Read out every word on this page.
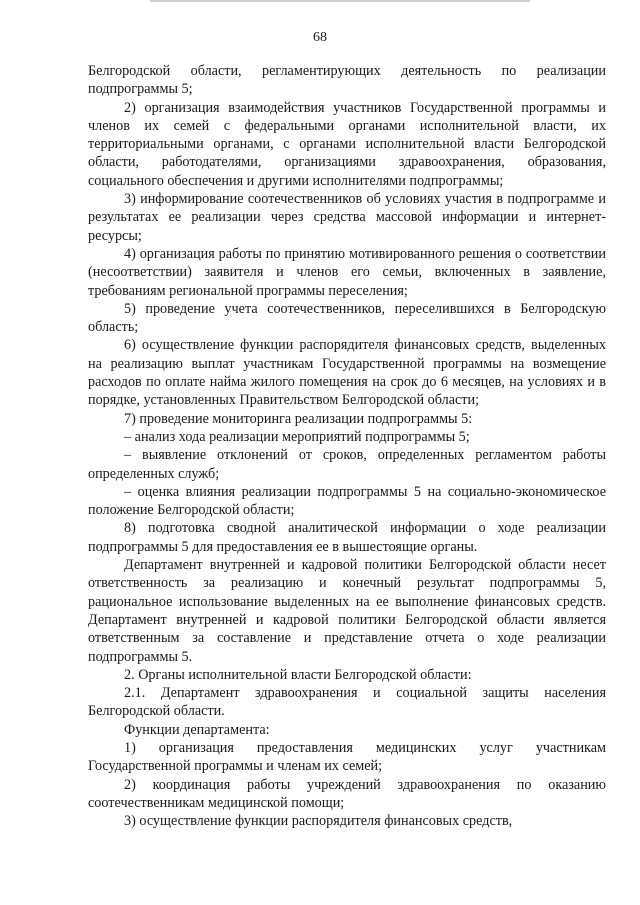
68

Белгородской области, регламентирующих деятельность по реализации подпрограммы 5;

2) организация взаимодействия участников Государственной программы и членов их семей с федеральными органами исполнительной власти, их территориальными органами, с органами исполнительной власти Белгородской области, работодателями, организациями здравоохранения, образования, социального обеспечения и другими исполнителями подпрограммы;

3) информирование соотечественников об условиях участия в подпрограмме и результатах ее реализации через средства массовой информации и интернет-ресурсы;

4) организация работы по принятию мотивированного решения о соответствии (несоответствии) заявителя и членов его семьи, включенных в заявление, требованиям региональной программы переселения;

5) проведение учета соотечественников, переселившихся в Белгородскую область;

6) осуществление функции распорядителя финансовых средств, выделенных на реализацию выплат участникам Государственной программы на возмещение расходов по оплате найма жилого помещения на срок до 6 месяцев, на условиях и в порядке, установленных Правительством Белгородской области;

7) проведение мониторинга реализации подпрограммы 5:

– анализ хода реализации мероприятий подпрограммы 5;

– выявление отклонений от сроков, определенных регламентом работы определенных служб;

– оценка влияния реализации подпрограммы 5 на социально-экономическое положение Белгородской области;

8) подготовка сводной аналитической информации о ходе реализации подпрограммы 5 для предоставления ее в вышестоящие органы.

Департамент внутренней и кадровой политики Белгородской области несет ответственность за реализацию и конечный результат подпрограммы 5, рациональное использование выделенных на ее выполнение финансовых средств. Департамент внутренней и кадровой политики Белгородской области является ответственным за составление и представление отчета о ходе реализации подпрограммы 5.

2. Органы исполнительной власти Белгородской области:

2.1. Департамент здравоохранения и социальной защиты населения Белгородской области.

Функции департамента:

1) организация предоставления медицинских услуг участникам Государственной программы и членам их семей;

2) координация работы учреждений здравоохранения по оказанию соотечественникам медицинской помощи;

3) осуществление функции распорядителя финансовых средств,
